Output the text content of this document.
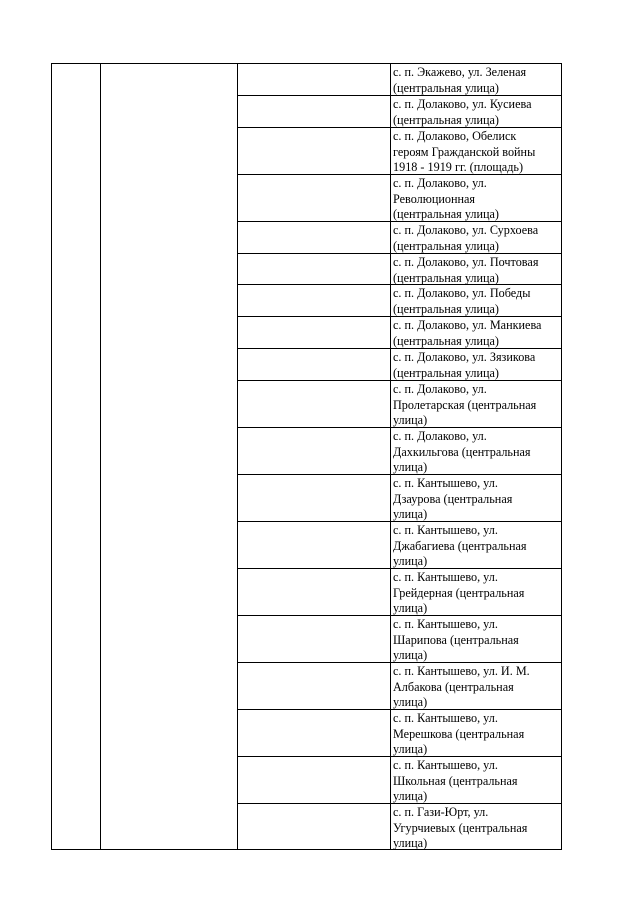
с. п. Экажево, ул. Зеленая
(центральная улица)
с. п. Долаково, ул. Кусиева
(центральная улица)
с. п. Долаково, Обелиск
героям Гражданской войны
1918 - 1919 гг. (площадь)
с. п. Долаково, ул.
Революционная
(центральная улица)
с. п. Долаково, ул. Сурхоева
(центральная улица)
с. п. Долаково, ул. Почтовая
(центральная улица)
с. п. Долаково, ул. Победы
(центральная улица)
с. п. Долаково, ул. Манкиева
(центральная улица)
с. п. Долаково, ул. Зязикова
(центральная улица)
с. п. Долаково, ул.
Пролетарская (центральная
улица)
с. п. Долаково, ул.
Дахкильгова (центральная
улица)
с. п. Кантышево, ул.
Дзаурова (центральная
улица)
с. п. Кантышево, ул.
Джабагиева (центральная
улица)
с. п. Кантышево, ул.
Грейдерная (центральная
улица)
с. п. Кантышево, ул.
Шарипова (центральная
улица)
с. п. Кантышево, ул. И. М.
Албакова (центральная
улица)
с. п. Кантышево, ул.
Мерешкова (центральная
улица)
с. п. Кантышево, ул.
Школьная (центральная
улица)
с. п. Гази-Юрт, ул.
Угурчиевых (центральная
улица)
